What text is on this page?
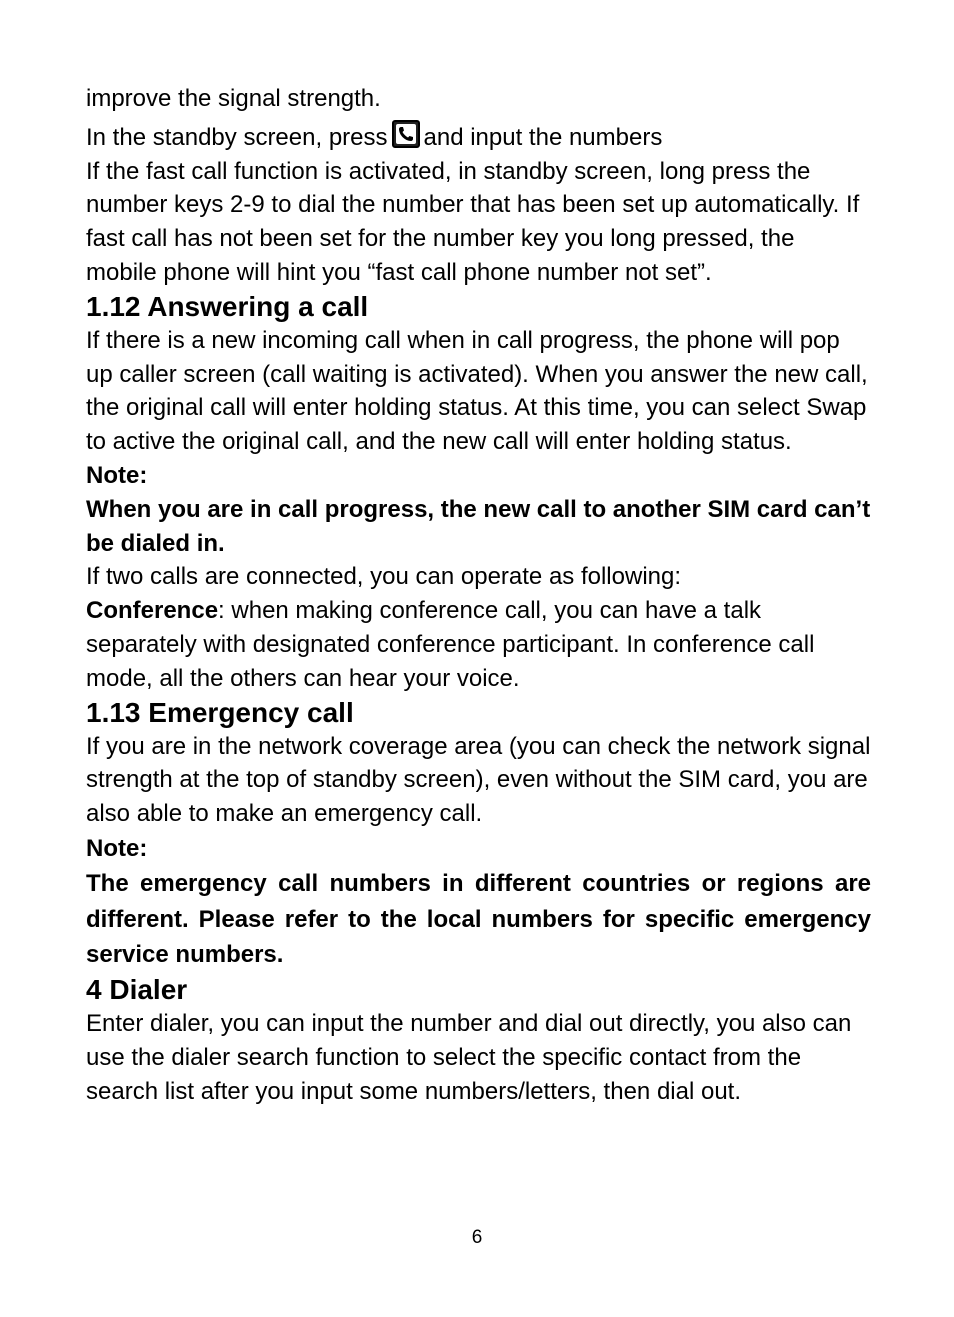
improve the signal strength.

In the standby screen, press and input the numbers

If the fast call function is activated, in standby screen, long press the number keys 2-9 to dial the number that has been set up automatically. If fast call has not been set for the number key you long pressed, the mobile phone will hint you “fast call phone number not set”.

1.12 Answering a call

If there is a new incoming call when in call progress, the phone will pop up caller screen (call waiting is activated). When you answer the new call, the original call will enter holding status. At this time, you can select Swap to active the original call, and the new call will enter holding status.

Note:

When you are in call progress, the new call to another SIM card can’t be dialed in.

If two calls are connected, you can operate as following:

Conference: when making conference call, you can have a talk separately with designated conference participant. In conference call mode, all the others can hear your voice.

1.13 Emergency call

If you are in the network coverage area (you can check the network signal strength at the top of standby screen), even without the SIM card, you are also able to make an emergency call.

Note:

The emergency call numbers in different countries or regions are different. Please refer to the local numbers for specific emergency service numbers.

4 Dialer

Enter dialer, you can input the number and dial out directly, you also can use the dialer search function to select the specific contact from the search list after you input some numbers/letters, then dial out.

6
